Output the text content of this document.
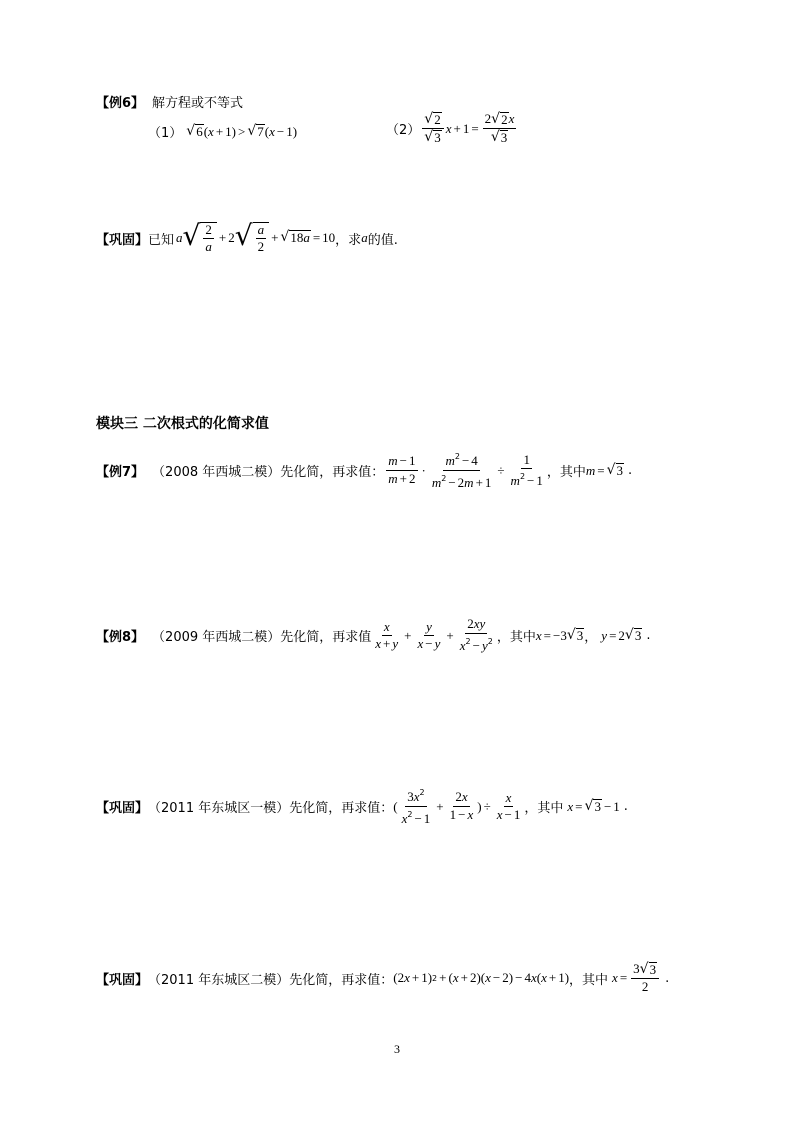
【例6】 解方程或不等式
（1） √ 6 ( x + 1) > √ 7 ( x − 1)	$(2) \frac{√ 2}{√ 3}$ $x + 1 = \frac{2 √ 2 x}{√ 3}$
【巩固】 已知 a √ $\frac{2}{a} + 2$ √ $\frac{a}{2}$ + √ 18a = 10 ，求 a 的值.
模块三 二次根式的化简求值
【例7】 （2008 年西城二模）先化简，再求值： $\frac{m - 1}{m + 2} \cdot \frac{m^2 - 4}{m^2 - 2m + 1} \div \frac{1}{m^2 - 1}$ ，其中 m = √ 3 .
【例8】 （2009 年西城二模）先化简，再求值 $\frac{x}{x + y} + \frac{y}{x - y} + \frac{2xy}{x^2 - y^2}$ ，其中 x = −3 √ 3 ， y = 2 √ 3 .
【巩固】 （2011 年东城区一模）先化简，再求值： ( $\frac{3x^2}{x^2 - 1} + \frac{2x}{1 - x}$ ) ÷ $\frac{x}{x - 1}$ ，其中 x = √ 3 − 1 .
【巩固】 （2011 年东城区二模）先化简，再求值： (2 x + 1) 2 + ( x + 2)( x − 2) − 4 x ( x + 1) ，其中 $x = \frac{3 √ 3}{2}$ .
3
